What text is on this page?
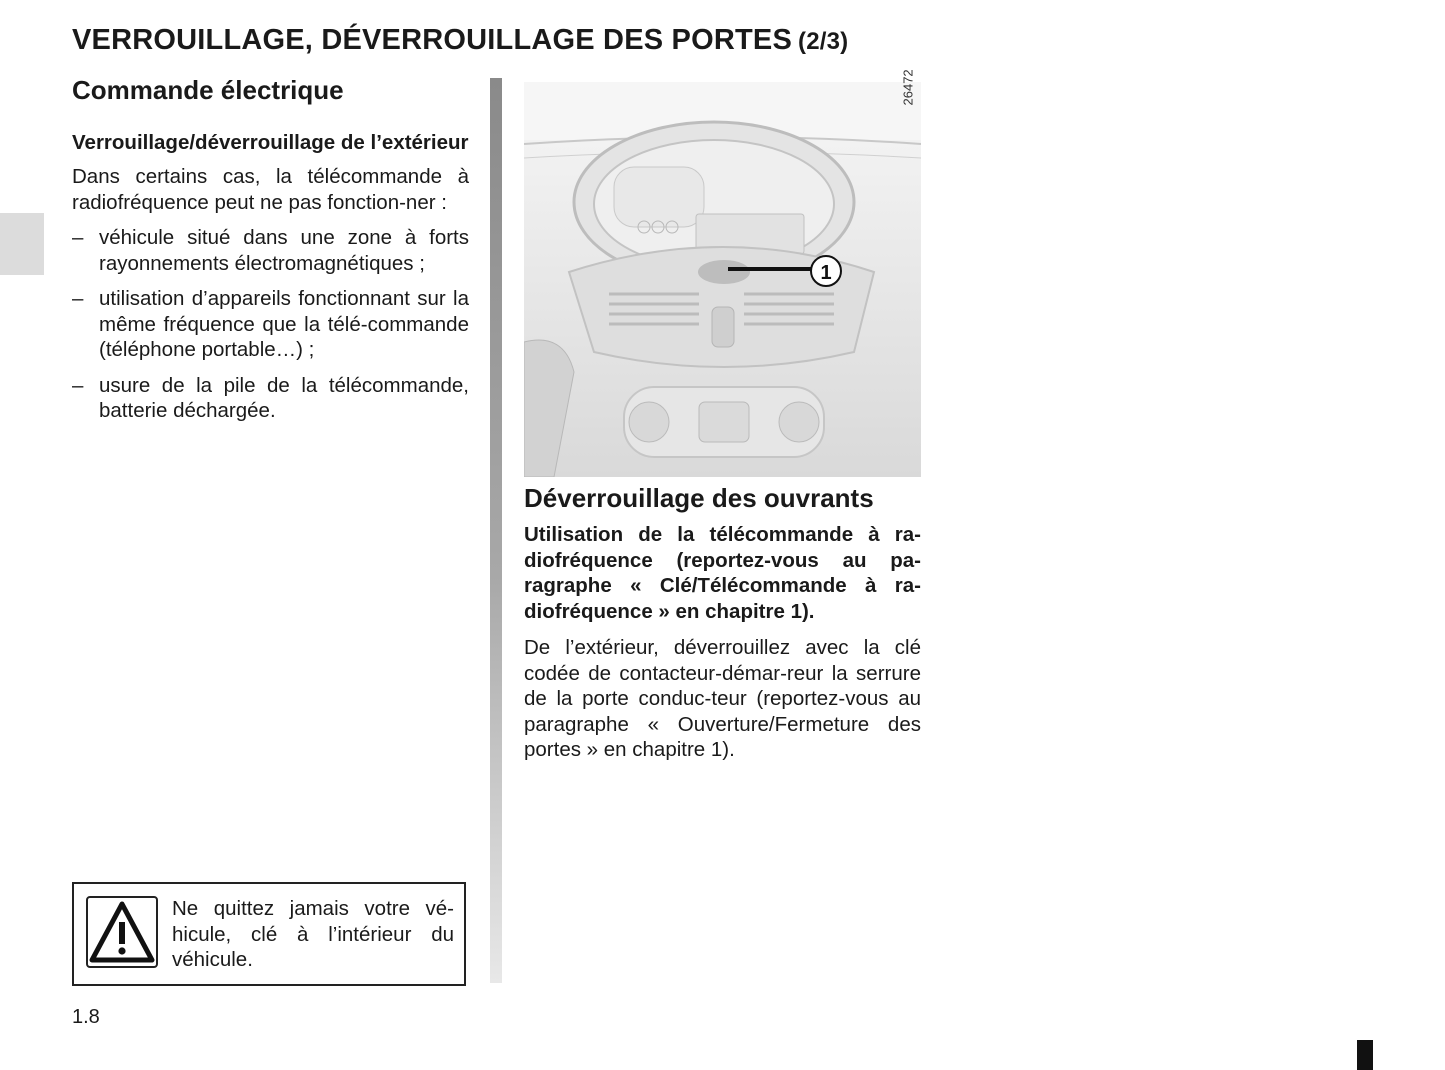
VERROUILLAGE, DÉVERROUILLAGE DES PORTES (2/3)
Commande électrique
Verrouillage/déverrouillage de l’extérieur

Dans certains cas, la télécommande à radiofréquence peut ne pas fonction-ner :

– véhicule situé dans une zone à forts rayonnements électromagnétiques ;
– utilisation d’appareils fonctionnant sur la même fréquence que la télé-commande (téléphone portable…) ;
– usure de la pile de la télécommande, batterie déchargée.
1
26472
Déverrouillage des ouvrants

Utilisation de la télécommande à ra-diofréquence (reportez-vous au pa-ragraphe « Clé/Télécommande à ra-diofréquence » en chapitre 1).

De l’extérieur, déverrouillez avec la clé codée de contacteur-démar-reur la serrure de la porte conduc-teur (reportez-vous au paragraphe « Ouverture/Fermeture des portes » en chapitre 1).

Ne quittez jamais votre vé-hicule, clé à l’intérieur du véhicule.

1.8
